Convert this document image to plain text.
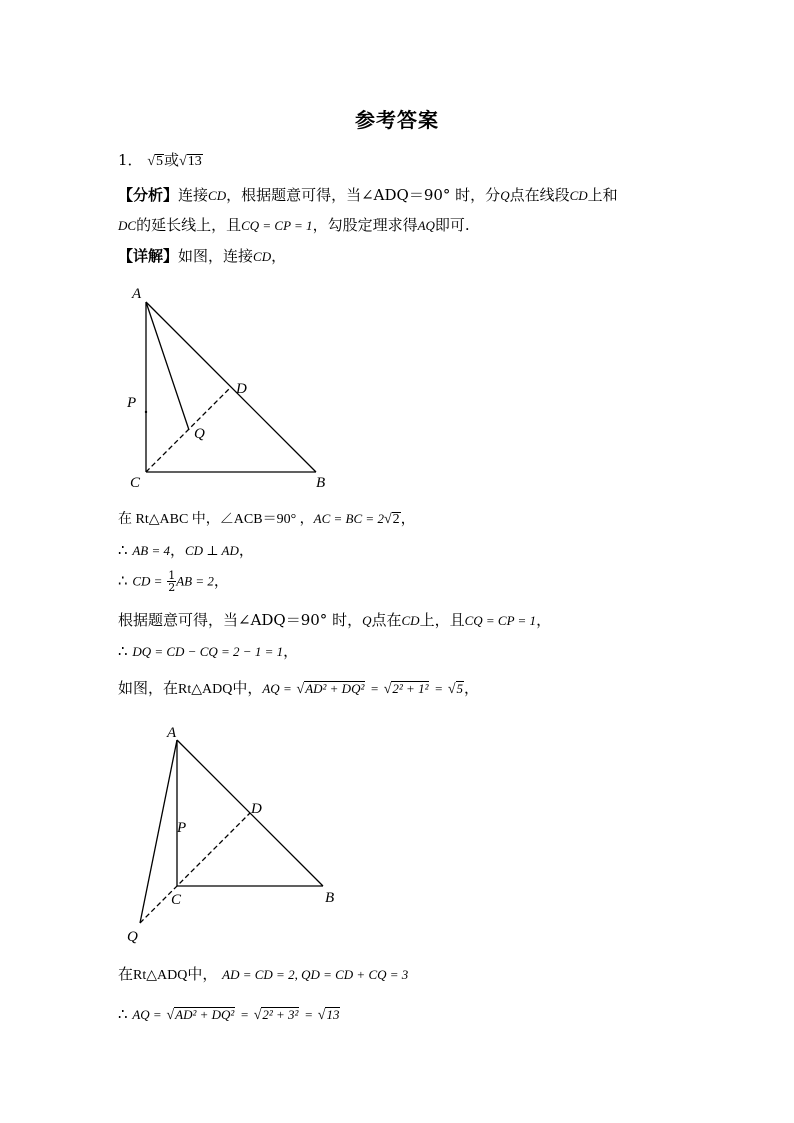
参考答案
1． √5或√13
【分析】连接CD，根据题意可得，当∠ADQ＝90° 时，分Q点在线段CD上和
DC的延长线上，且CQ = CP = 1，勾股定理求得AQ即可.
【详解】如图，连接CD，
A
D
P
Q
C	B
在 Rt△ABC 中，∠ACB＝90° ，AC = BC = 2√2，
∴ AB = 4，CD ⊥ AD，
∴ CD = $\frac{1}{2}$ AB = 2，
根据题意可得，当∠ADQ＝90° 时，Q点在CD上，且CQ = CP = 1，
∴ DQ = CD − CQ = 2 − 1 = 1，
如图，在Rt△ADQ中，AQ = √AD² + DQ² = √2² + 1² = √5，
A
D
P
C	B
Q
在Rt△ADQ中， AD = CD = 2, QD = CD + CQ = 3
∴ AQ = √AD² + DQ² = √2² + 3² = √13
